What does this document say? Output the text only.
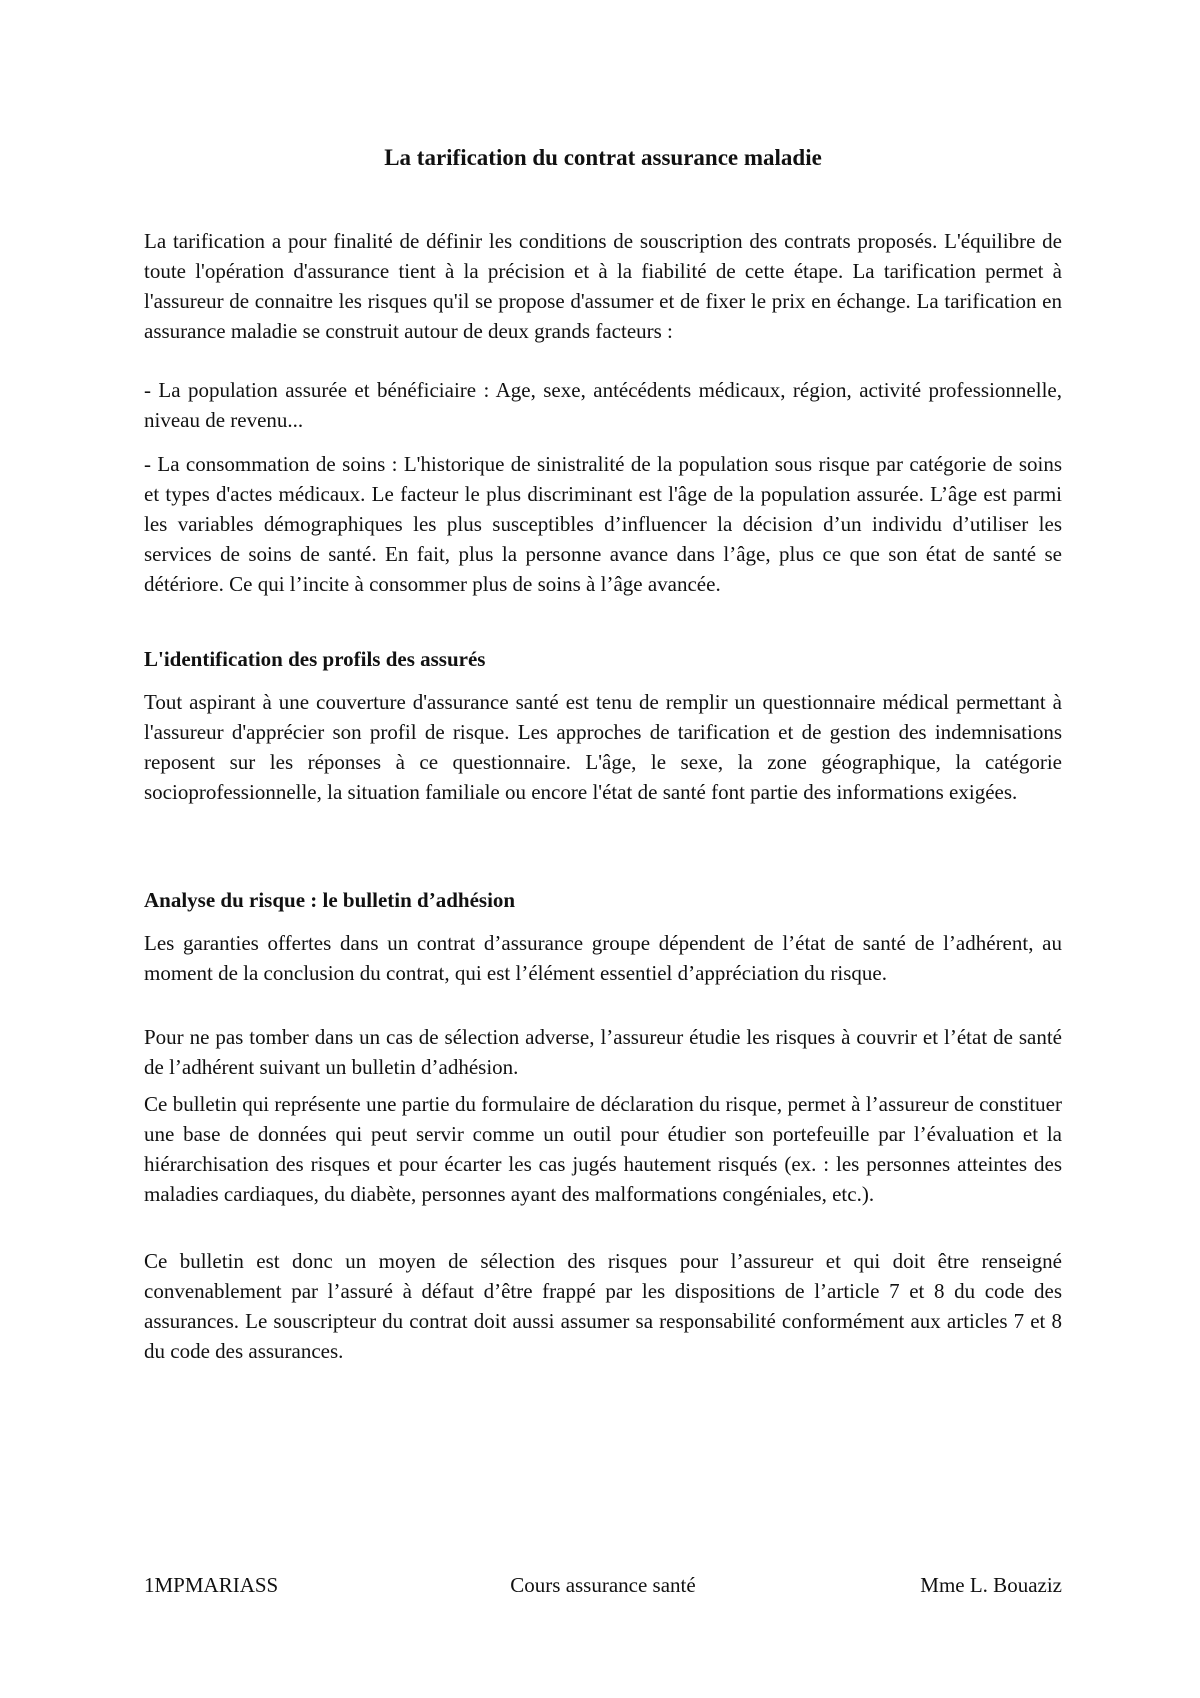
La tarification du contrat assurance maladie

La tarification a pour finalité de définir les conditions de souscription des contrats proposés. L'équilibre de toute l'opération d'assurance tient à la précision et à la fiabilité de cette étape. La tarification permet à l'assureur de connaitre les risques qu'il se propose d'assumer et de fixer le prix en échange. La tarification en assurance maladie se construit autour de deux grands facteurs :

- La population assurée et bénéficiaire : Age, sexe, antécédents médicaux, région, activité professionnelle, niveau de revenu...

- La consommation de soins : L'historique de sinistralité de la population sous risque par catégorie de soins et types d'actes médicaux. Le facteur le plus discriminant est l'âge de la population assurée. L’âge est parmi les variables démographiques les plus susceptibles d’influencer la décision d’un individu d’utiliser les services de soins de santé. En fait, plus la personne avance dans l’âge, plus ce que son état de santé se détériore. Ce qui l’incite à consommer plus de soins à l’âge avancée.

L'identification des profils des assurés

Tout aspirant à une couverture d'assurance santé est tenu de remplir un questionnaire médical permettant à l'assureur d'apprécier son profil de risque. Les approches de tarification et de gestion des indemnisations reposent sur les réponses à ce questionnaire. L'âge, le sexe, la zone géographique, la catégorie socioprofessionnelle, la situation familiale ou encore l'état de santé font partie des informations exigées.

Analyse du risque : le bulletin d’adhésion

Les garanties offertes dans un contrat d’assurance groupe dépendent de l’état de santé de l’adhérent, au moment de la conclusion du contrat, qui est l’élément essentiel d’appréciation du risque.

Pour ne pas tomber dans un cas de sélection adverse, l’assureur étudie les risques à couvrir et l’état de santé de l’adhérent suivant un bulletin d’adhésion.

Ce bulletin qui représente une partie du formulaire de déclaration du risque, permet à l’assureur de constituer une base de données qui peut servir comme un outil pour étudier son portefeuille par l’évaluation et la hiérarchisation des risques et pour écarter les cas jugés hautement risqués (ex. : les personnes atteintes des maladies cardiaques, du diabète, personnes ayant des malformations congéniales, etc.).

Ce bulletin est donc un moyen de sélection des risques pour l’assureur et qui doit être renseigné convenablement par l’assuré à défaut d’être frappé par les dispositions de l’article 7 et 8 du code des assurances. Le souscripteur du contrat doit aussi assumer sa responsabilité conformément aux articles 7 et 8 du code des assurances.

Cours assurance santé
1MPMARIASS	Mme L. Bouaziz
